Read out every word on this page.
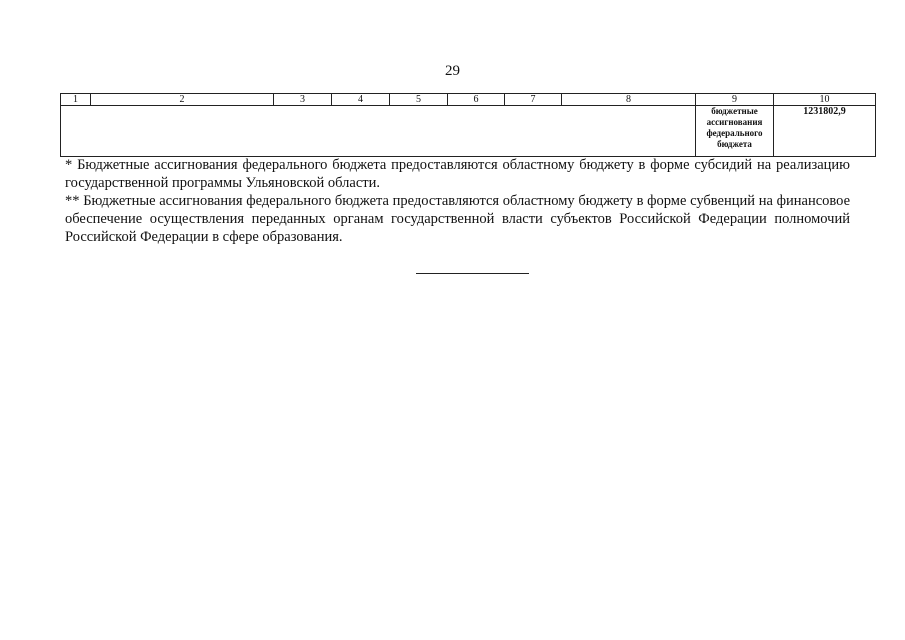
29
1	2	3	4	5	6	7	8	9	10
								бюджетные ассигнования федерального бюджета	1231802,9

* Бюджетные ассигнования федерального бюджета предоставляются областному бюджету в форме субсидий на реализацию государственной программы Ульяновской области.

** Бюджетные ассигнования федерального бюджета предоставляются областному бюджету в форме субвенций на финансовое обеспечение осуществления переданных органам государственной власти субъектов Российской Федерации полномочий Российской Федерации в сфере образования.
